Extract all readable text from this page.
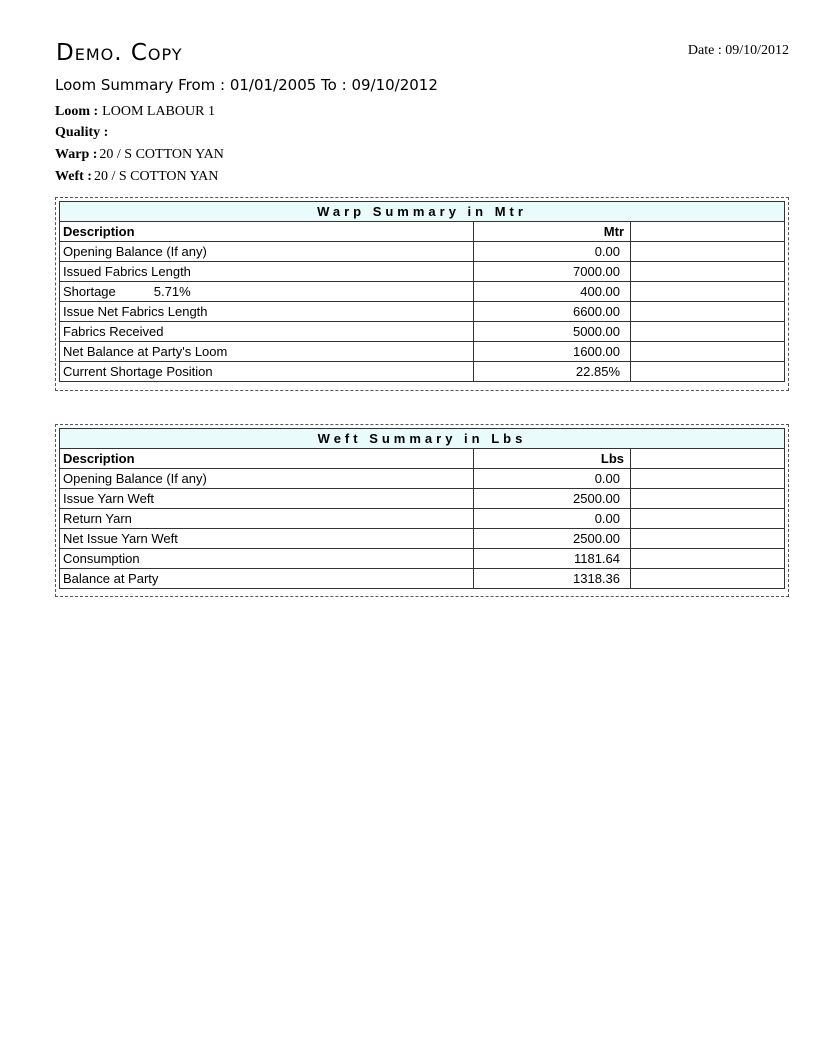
Demo. Copy	Date : 09/10/2012
Loom Summary From : 01/01/2005 To : 09/10/2012
Loom : LOOM LABOUR 1
Quality :
Warp : 20 / S COTTON YAN
Weft : 20 / S COTTON YAN
Warp Summary in Mtr		
Description	Mtr	
Opening Balance (If any)	0.00	
Issued Fabrics Length	7000.00	
Shortage 5.71%	400.00	
Issue Net Fabrics Length	6600.00	
Fabrics Received	5000.00	
Net Balance at Party's Loom	1600.00	
Current Shortage Position	22.85%	
Weft Summary in Lbs		
Description	Lbs	
Opening Balance (If any)	0.00	
Issue Yarn Weft	2500.00	
Return Yarn	0.00	
Net Issue Yarn Weft	2500.00	
Consumption	1181.64	
Balance at Party	1318.36	
